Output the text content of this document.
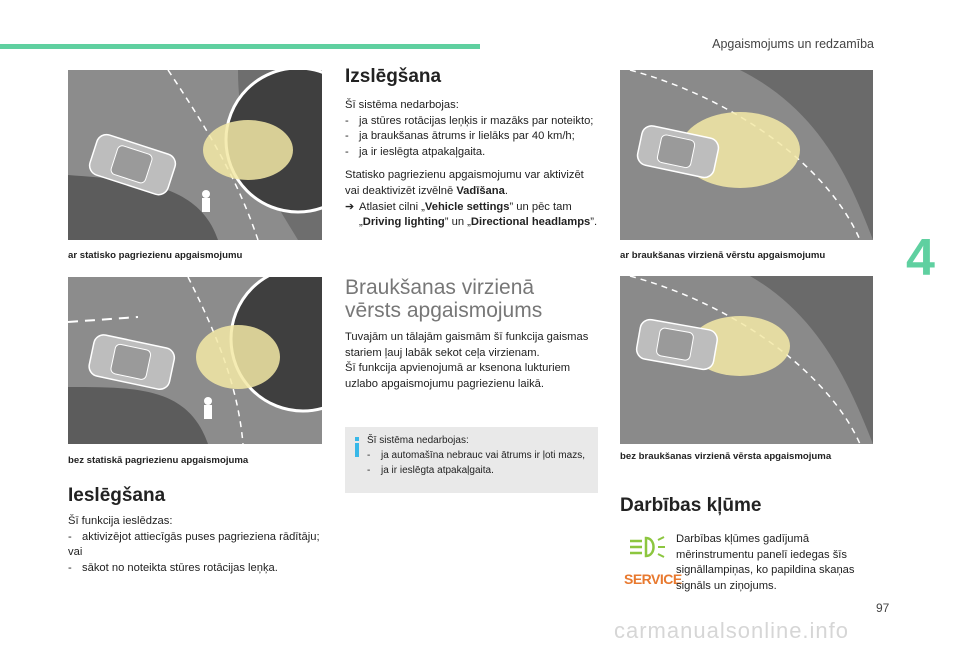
Apgaismojums un redzamība
4
ar statisko pagriezienu apgaismojumu
bez statiskā pagriezienu apgaismojuma
Ieslēgšana
Šī funkcija ieslēdzas:
- aktivizējot attiecīgās puses pagrieziena rādītāju;
vai
- sākot no noteikta stūres rotācijas leņķa.
Izslēgšana
Šī sistēma nedarbojas:
- ja stūres rotācijas leņķis ir mazāks par noteikto;
- ja braukšanas ātrums ir lielāks par 40 km/h;
- ja ir ieslēgta atpakaļgaita.
Statisko pagriezienu apgaismojumu var aktivizēt vai deaktivizēt izvēlnē Vadīšana.
➔ Atlasiet cilni „Vehicle settings” un pēc tam „Driving lighting” un „Directional headlamps”.
Braukšanas virzienā
vērsts apgaismojums
Tuvajām un tālajām gaismām šī funkcija gaismas stariem ļauj labāk sekot ceļa virzienam.
Šī funkcija apvienojumā ar ksenona lukturiem uzlabo apgaismojumu pagriezienu laikā.
Šī sistēma nedarbojas:
-	ja automašīna nebrauc vai ātrums ir ļoti mazs,
-	ja ir ieslēgta atpakaļgaita.
ar braukšanas virzienā vērstu apgaismojumu
bez braukšanas virzienā vērsta apgaismojuma
Darbības kļūme
SERVICE
Darbības kļūmes gadījumā mērinstrumentu panelī iedegas šīs signāllampiņas, ko papildina skaņas signāls un ziņojums.
97
carmanualsonline.info
